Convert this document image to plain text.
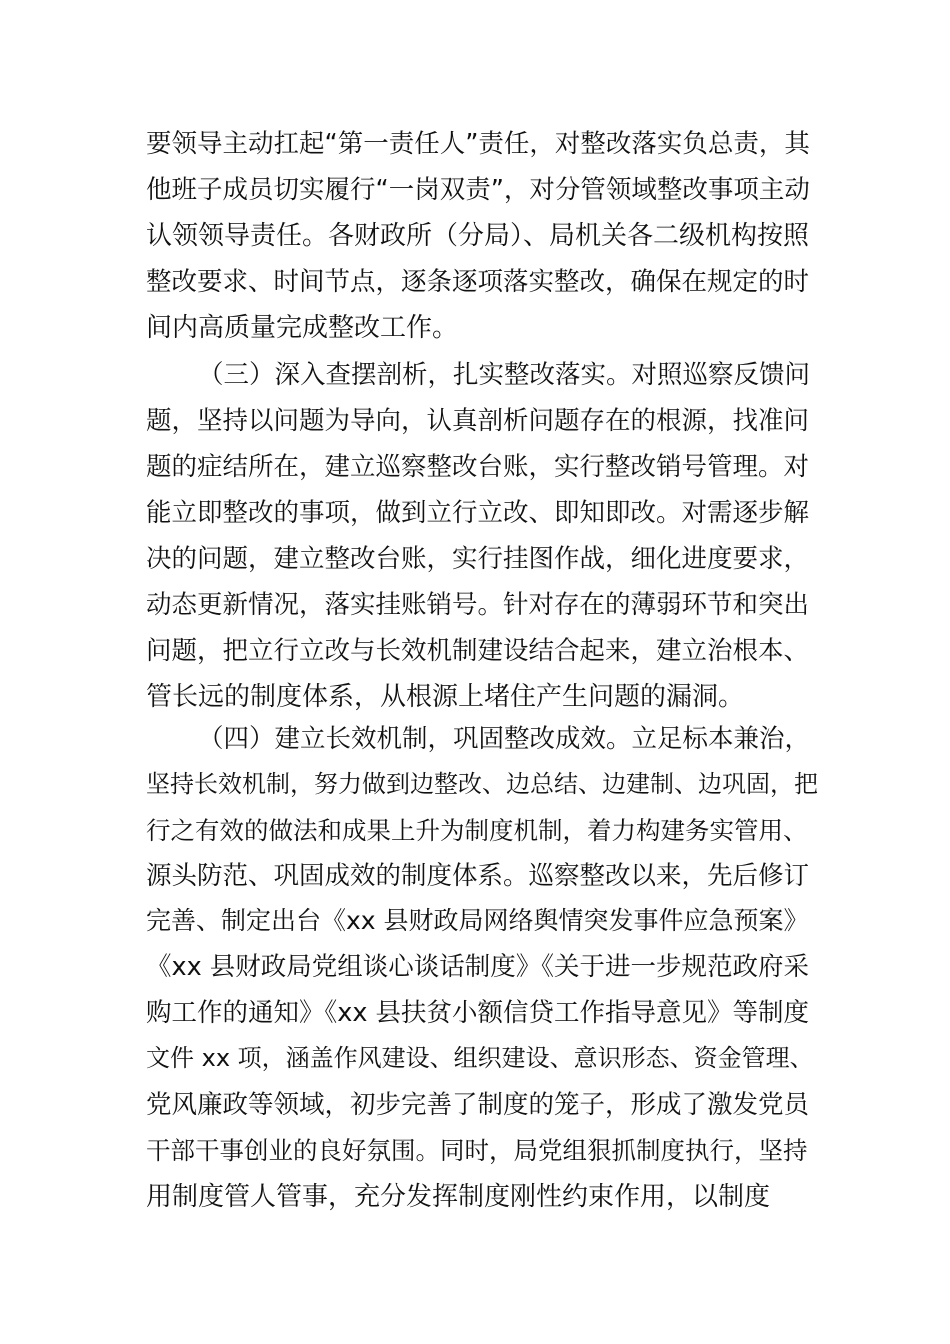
要领导主动扛起“第一责任人”责任，对整改落实负总责，其
他班子成员切实履行“一岗双责”，对分管领域整改事项主动
认领领导责任。各财政所（分局）、局机关各二级机构按照
整改要求、时间节点，逐条逐项落实整改，确保在规定的时
间内高质量完成整改工作。
（三）深入查摆剖析，扎实整改落实。对照巡察反馈问
题，坚持以问题为导向，认真剖析问题存在的根源，找准问
题的症结所在，建立巡察整改台账，实行整改销号管理。对
能立即整改的事项，做到立行立改、即知即改。对需逐步解
决的问题，建立整改台账，实行挂图作战，细化进度要求，
动态更新情况，落实挂账销号。针对存在的薄弱环节和突出
问题，把立行立改与长效机制建设结合起来，建立治根本、
管长远的制度体系，从根源上堵住产生问题的漏洞。
（四）建立长效机制，巩固整改成效。立足标本兼治，
坚持长效机制，努力做到边整改、边总结、边建制、边巩固，把
行之有效的做法和成果上升为制度机制，着力构建务实管用、
源头防范、巩固成效的制度体系。巡察整改以来，先后修订
完善、制定出台《xx 县财政局网络舆情突发事件应急预案》
《xx 县财政局党组谈心谈话制度》《关于进一步规范政府采
购工作的通知》《xx 县扶贫小额信贷工作指导意见》等制度
文件 xx 项，涵盖作风建设、组织建设、意识形态、资金管理、
党风廉政等领域，初步完善了制度的笼子，形成了激发党员
干部干事创业的良好氛围。同时，局党组狠抓制度执行，坚持
用制度管人管事，充分发挥制度刚性约束作用，以制度
